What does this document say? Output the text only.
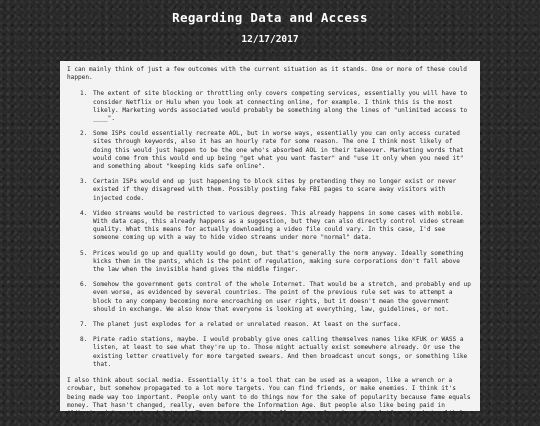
Regarding Data and Access
12/17/2017

I can mainly think of just a few outcomes with the current situation as it stands. One or more of these could happen.

1. The extent of site blocking or throttling only covers competing services, essentially you will have to consider Netflix or Hulu when you look at connecting online, for example. I think this is the most likely. Marketing words associated would probably be something along the lines of "unlimited access to ____".
2. Some ISPs could essentially recreate AOL, but in worse ways, essentially you can only access curated sites through keywords, also it has an hourly rate for some reason. The one I think most likely of doing this would just happen to be the one who's absorbed AOL in their takeover. Marketing words that would come from this would end up being "get what you want faster" and "use it only when you need it" and something about "keeping kids safe online".
3. Certain ISPs would end up just happening to block sites by pretending they no longer exist or never existed if they disagreed with them. Possibly posting fake FBI pages to scare away visitors with injected code.
4. Video streams would be restricted to various degrees. This already happens in some cases with mobile. With data caps, this already happens as a suggestion, but they can also directly control video stream quality. What this means for actually downloading a video file could vary. In this case, I'd see someone coming up with a way to hide video streams under more "normal" data.
5. Prices would go up and quality would go down, but that's generally the norm anyway. Ideally something kicks them in the pants, which is the point of regulation, making sure corporations don't fall above the law when the invisible hand gives the middle finger.
6. Somehow the government gets control of the whole Internet. That would be a stretch, and probably end up even worse, as evidenced by several countries. The point of the previous rule set was to attempt a block to any company becoming more encroaching on user rights, but it doesn't mean the government should in exchange. We also know that everyone is looking at everything, law, guidelines, or not.
7. The planet just explodes for a related or unrelated reason. At least on the surface.
8. Pirate radio stations, maybe. I would probably give ones calling themselves names like KFUK or WASS a listen, at least to see what they're up to. Those might actually exist somewhere already. Or use the existing letter creatively for more targeted swears. And then broadcast uncut songs, or something like that.

I also think about social media. Essentially it's a tool that can be used as a weapon, like a wrench or a crowbar, but somehow propagated to a lot more targets. You can find friends, or make enemies. I think it's being made way too important. People only want to do things now for the sake of popularity because fame equals money. That hasn't changed, really, even before the Information Age. But people also like being paid in "likes" and "reposts" and "views". There are ways to actually pay people, where the platform in choice likely takes a cut, after all, they are a business.
